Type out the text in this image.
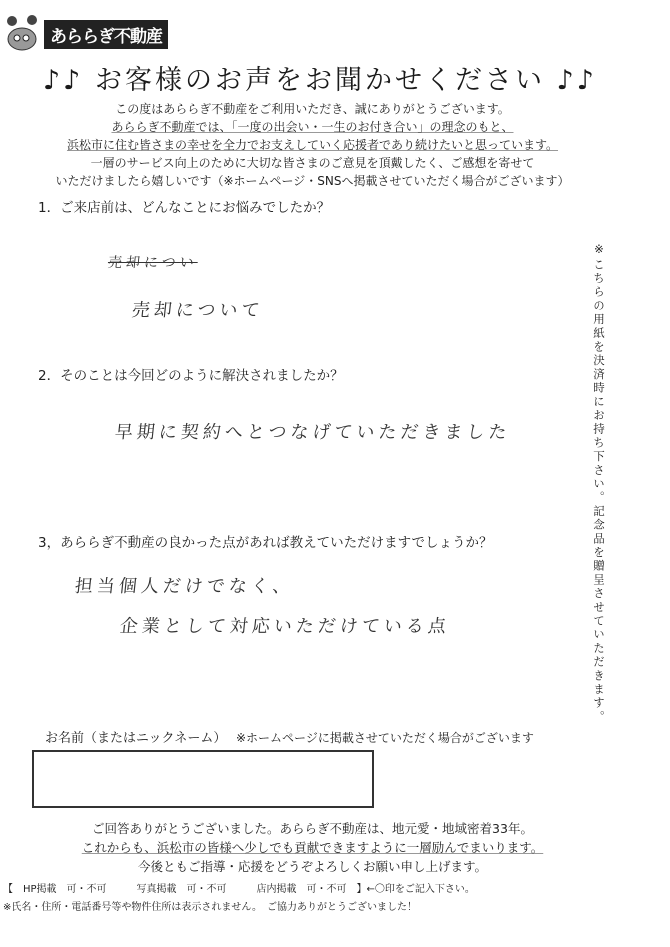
あららぎ不動産
♪♪ お客様のお声をお聞かせください ♪♪
この度はあららぎ不動産をご利用いただき、誠にありがとうございます。
あららぎ不動産では、「一度の出会い・一生のお付き合い」の理念のもと、
浜松市に住む皆さまの幸せを全力でお支えしていく応援者であり続けたいと思っています。
一層のサービス向上のために大切な皆さまのご意見を頂戴したく、ご感想を寄せて
いただけましたら嬉しいです（※ホームページ・SNSへ掲載させていただく場合がございます）
1．ご来店前は、どんなことにお悩みでしたか？
売却につい
売却について
2．そのことは今回どのように解決されましたか？
早期に契約へとつなげていただきました
3，あららぎ不動産の良かった点があれば教えていただけますでしょうか？
担当個人だけでなく、
企業として対応いただけている点	※こちらの用紙を決済時にお持ち下さい。記念品を贈呈させていただきます。
お名前（またはニックネーム） ※ホームページに掲載させていただく場合がございます
ご回答ありがとうございました。あららぎ不動産は、地元愛・地域密着33年。
これからも、浜松市の皆様へ少しでも貢献できますように一層励んでまいります。
今後ともご指導・応援をどうぞよろしくお願い申し上げます。
【　HP掲載　可・不可　　　写真掲載　可・不可　　　店内掲載　可・不可　】←〇印をご記入下さい。
※氏名・住所・電話番号等や物件住所は表示されません。　ご協力ありがとうございました！
